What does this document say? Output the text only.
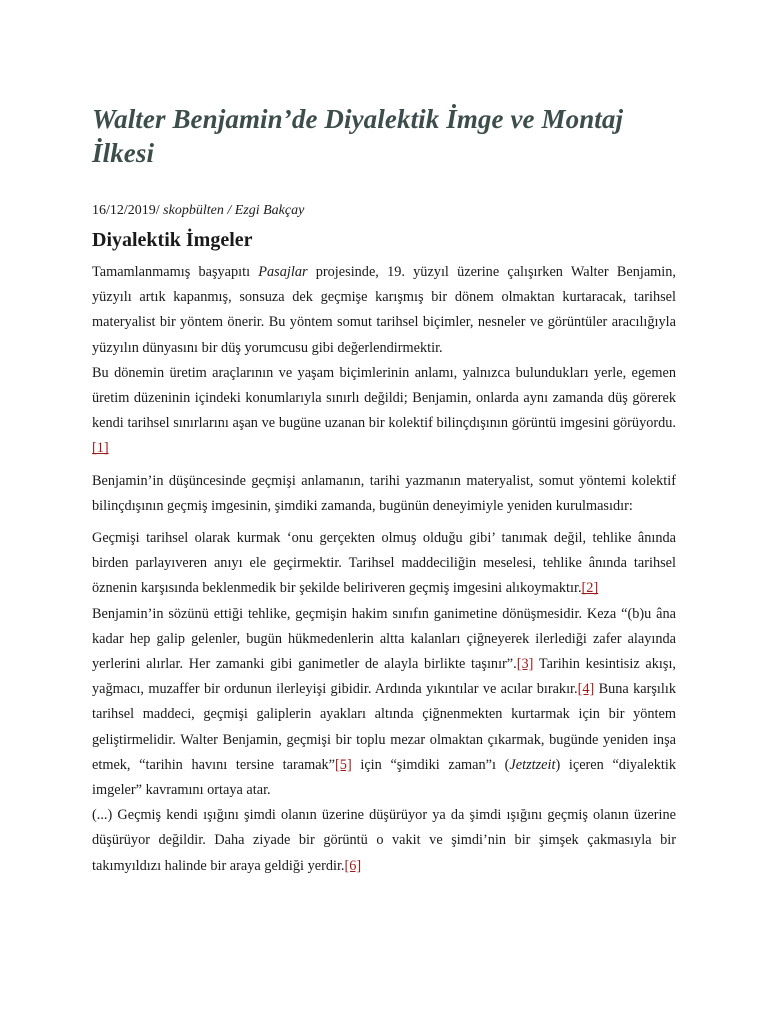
Walter Benjamin’de Diyalektik İmge ve Montaj İlkesi
16/12/2019/ skopbülten / Ezgi Bakçay
Diyalektik İmgeler

Tamamlanmamış başyapıtı Pasajlar projesinde, 19. yüzyıl üzerine çalışırken Walter Benjamin, yüzyılı artık kapanmış, sonsuza dek geçmişe karışmış bir dönem olmaktan kurtaracak, tarihsel materyalist bir yöntem önerir. Bu yöntem somut tarihsel biçimler, nesneler ve görüntüler aracılığıyla yüzyılın dünyasını bir düş yorumcusu gibi değerlendirmektir.

Bu dönemin üretim araçlarının ve yaşam biçimlerinin anlamı, yalnızca bulundukları yerle, egemen üretim düzeninin içindeki konumlarıyla sınırlı değildi; Benjamin, onlarda aynı zamanda düş görerek kendi tarihsel sınırlarını aşan ve bugüne uzanan bir kolektif bilinçdışının görüntü imgesini görüyordu.[1]

Benjamin’in düşüncesinde geçmişi anlamanın, tarihi yazmanın materyalist, somut yöntemi kolektif bilinçdışının geçmiş imgesinin, şimdiki zamanda, bugünün deneyimiyle yeniden kurulmasıdır:

Geçmişi tarihsel olarak kurmak ‘onu gerçekten olmuş olduğu gibi’ tanımak değil, tehlike ânında birden parlayıveren anıyı ele geçirmektir. Tarihsel maddeciliğin meselesi, tehlike ânında tarihsel öznenin karşısında beklenmedik bir şekilde beliriveren geçmiş imgesini alıkoymaktır.[2]

Benjamin’in sözünü ettiği tehlike, geçmişin hakim sınıfın ganimetine dönüşmesidir. Keza “(b)u âna kadar hep galip gelenler, bugün hükmedenlerin altta kalanları çiğneyerek ilerlediği zafer alayında yerlerini alırlar. Her zamanki gibi ganimetler de alayla birlikte taşınır”.[3] Tarihin kesintisiz akışı, yağmacı, muzaffer bir ordunun ilerleyişi gibidir. Ardında yıkıntılar ve acılar bırakır.[4] Buna karşılık tarihsel maddeci, geçmişi galiplerin ayakları altında çiğnenmekten kurtarmak için bir yöntem geliştirmelidir. Walter Benjamin, geçmişi bir toplu mezar olmaktan çıkarmak, bugünde yeniden inşa etmek, “tarihin havını tersine taramak”[5] için “şimdiki zaman”ı (Jetztzeit) içeren “diyalektik imgeler” kavramını ortaya atar.

(...) Geçmiş kendi ışığını şimdi olanın üzerine düşürüyor ya da şimdi ışığını geçmiş olanın üzerine düşürüyor değildir. Daha ziyade bir görüntü o vakit ve şimdi’nin bir şimşek çakmasıyla bir takımyıldızı halinde bir araya geldiği yerdir.[6]
